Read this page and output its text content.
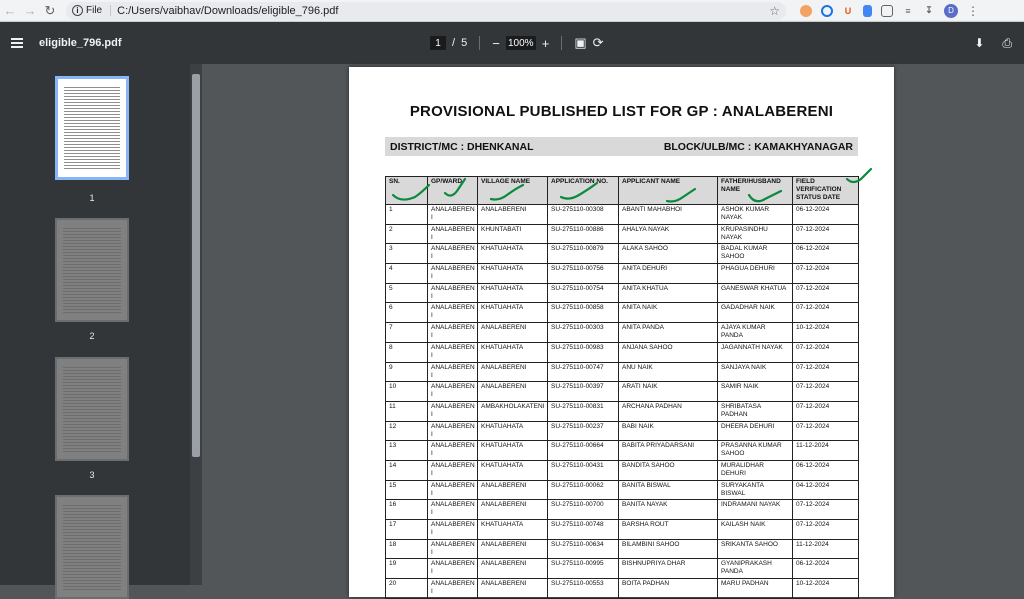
← → ↻	i File C:/Users/vaibhav/Downloads/eligible_796.pdf	☆	U	≡	↧	D	⋮
eligible_796.pdf	1	/ 5 − 100% + ▣ ⟳	⬇ ⎙
1
2
3
PROVISIONAL PUBLISHED LIST FOR GP : ANALABERENI
DISTRICT/MC : DHENKANAL	BLOCK/ULB/MC : KAMAKHYANAGAR
SN.	GP/WARD	VILLAGE NAME	APPLICATION NO.	APPLICANT NAME	FATHER/HUSBAND NAME	FIELD VERIFICATION STATUS DATE
1	ANALABEREN I	ANALABERENI	SU-275110-00308	ABANTI MAHABHOI	ASHOK KUMAR NAYAK	06-12-2024
2	ANALABEREN I	KHUNTABATI	SU-275110-00886	AHALYA NAYAK	KRUPASINDHU NAYAK	07-12-2024
3	ANALABEREN I	KHATUAHATA	SU-275110-00879	ALAKA SAHOO	BADAL KUMAR SAHOO	06-12-2024
4	ANALABEREN I	KHATUAHATA	SU-275110-00756	ANITA DEHURI	PHAGUA DEHURI	07-12-2024
5	ANALABEREN I	KHATUAHATA	SU-275110-00754	ANITA KHATUA	GANESWAR KHATUA	07-12-2024
6	ANALABEREN I	KHATUAHATA	SU-275110-00858	ANITA NAIK	GADADHAR NAIK	07-12-2024
7	ANALABEREN I	ANALABERENI	SU-275110-00303	ANITA PANDA	AJAYA KUMAR PANDA	10-12-2024
8	ANALABEREN I	KHATUAHATA	SU-275110-00983	ANJANA SAHOO	JAGANNATH NAYAK	07-12-2024
9	ANALABEREN I	ANALABERENI	SU-275110-00747	ANU NAIK	SANJAYA NAIK	07-12-2024
10	ANALABEREN I	ANALABERENI	SU-275110-00397	ARATI NAIK	SAMIR NAIK	07-12-2024
11	ANALABEREN I	AMBAKHOLAKATENI	SU-275110-00831	ARCHANA PADHAN	SHRIBATASA PADHAN	07-12-2024
12	ANALABEREN I	KHATUAHATA	SU-275110-00237	BABI NAIK	DHEERA DEHURI	07-12-2024
13	ANALABEREN I	KHATUAHATA	SU-275110-00664	BABITA PRIYADARSANI	PRASANNA KUMAR SAHOO	11-12-2024
14	ANALABEREN I	KHATUAHATA	SU-275110-00431	BANDITA SAHOO	MURALIDHAR DEHURI	06-12-2024
15	ANALABEREN I	ANALABERENI	SU-275110-00062	BANITA BISWAL	SURYAKANTA BISWAL	04-12-2024
16	ANALABEREN I	ANALABERENI	SU-275110-00700	BANITA NAYAK	INDRAMANI NAYAK	07-12-2024
17	ANALABEREN I	KHATUAHATA	SU-275110-00748	BARSHA ROUT	KAILASH NAIK	07-12-2024
18	ANALABEREN I	ANALABERENI	SU-275110-00634	BILAMBINI SAHOO	SRIKANTA SAHOO	11-12-2024
19	ANALABEREN I	ANALABERENI	SU-275110-00995	BISHNUPRIYA DHAR	GYANIPRAKASH PANDA	06-12-2024
20	ANALABEREN I	ANALABERENI	SU-275110-00553	BOITA PADHAN	MARU PADHAN	10-12-2024
